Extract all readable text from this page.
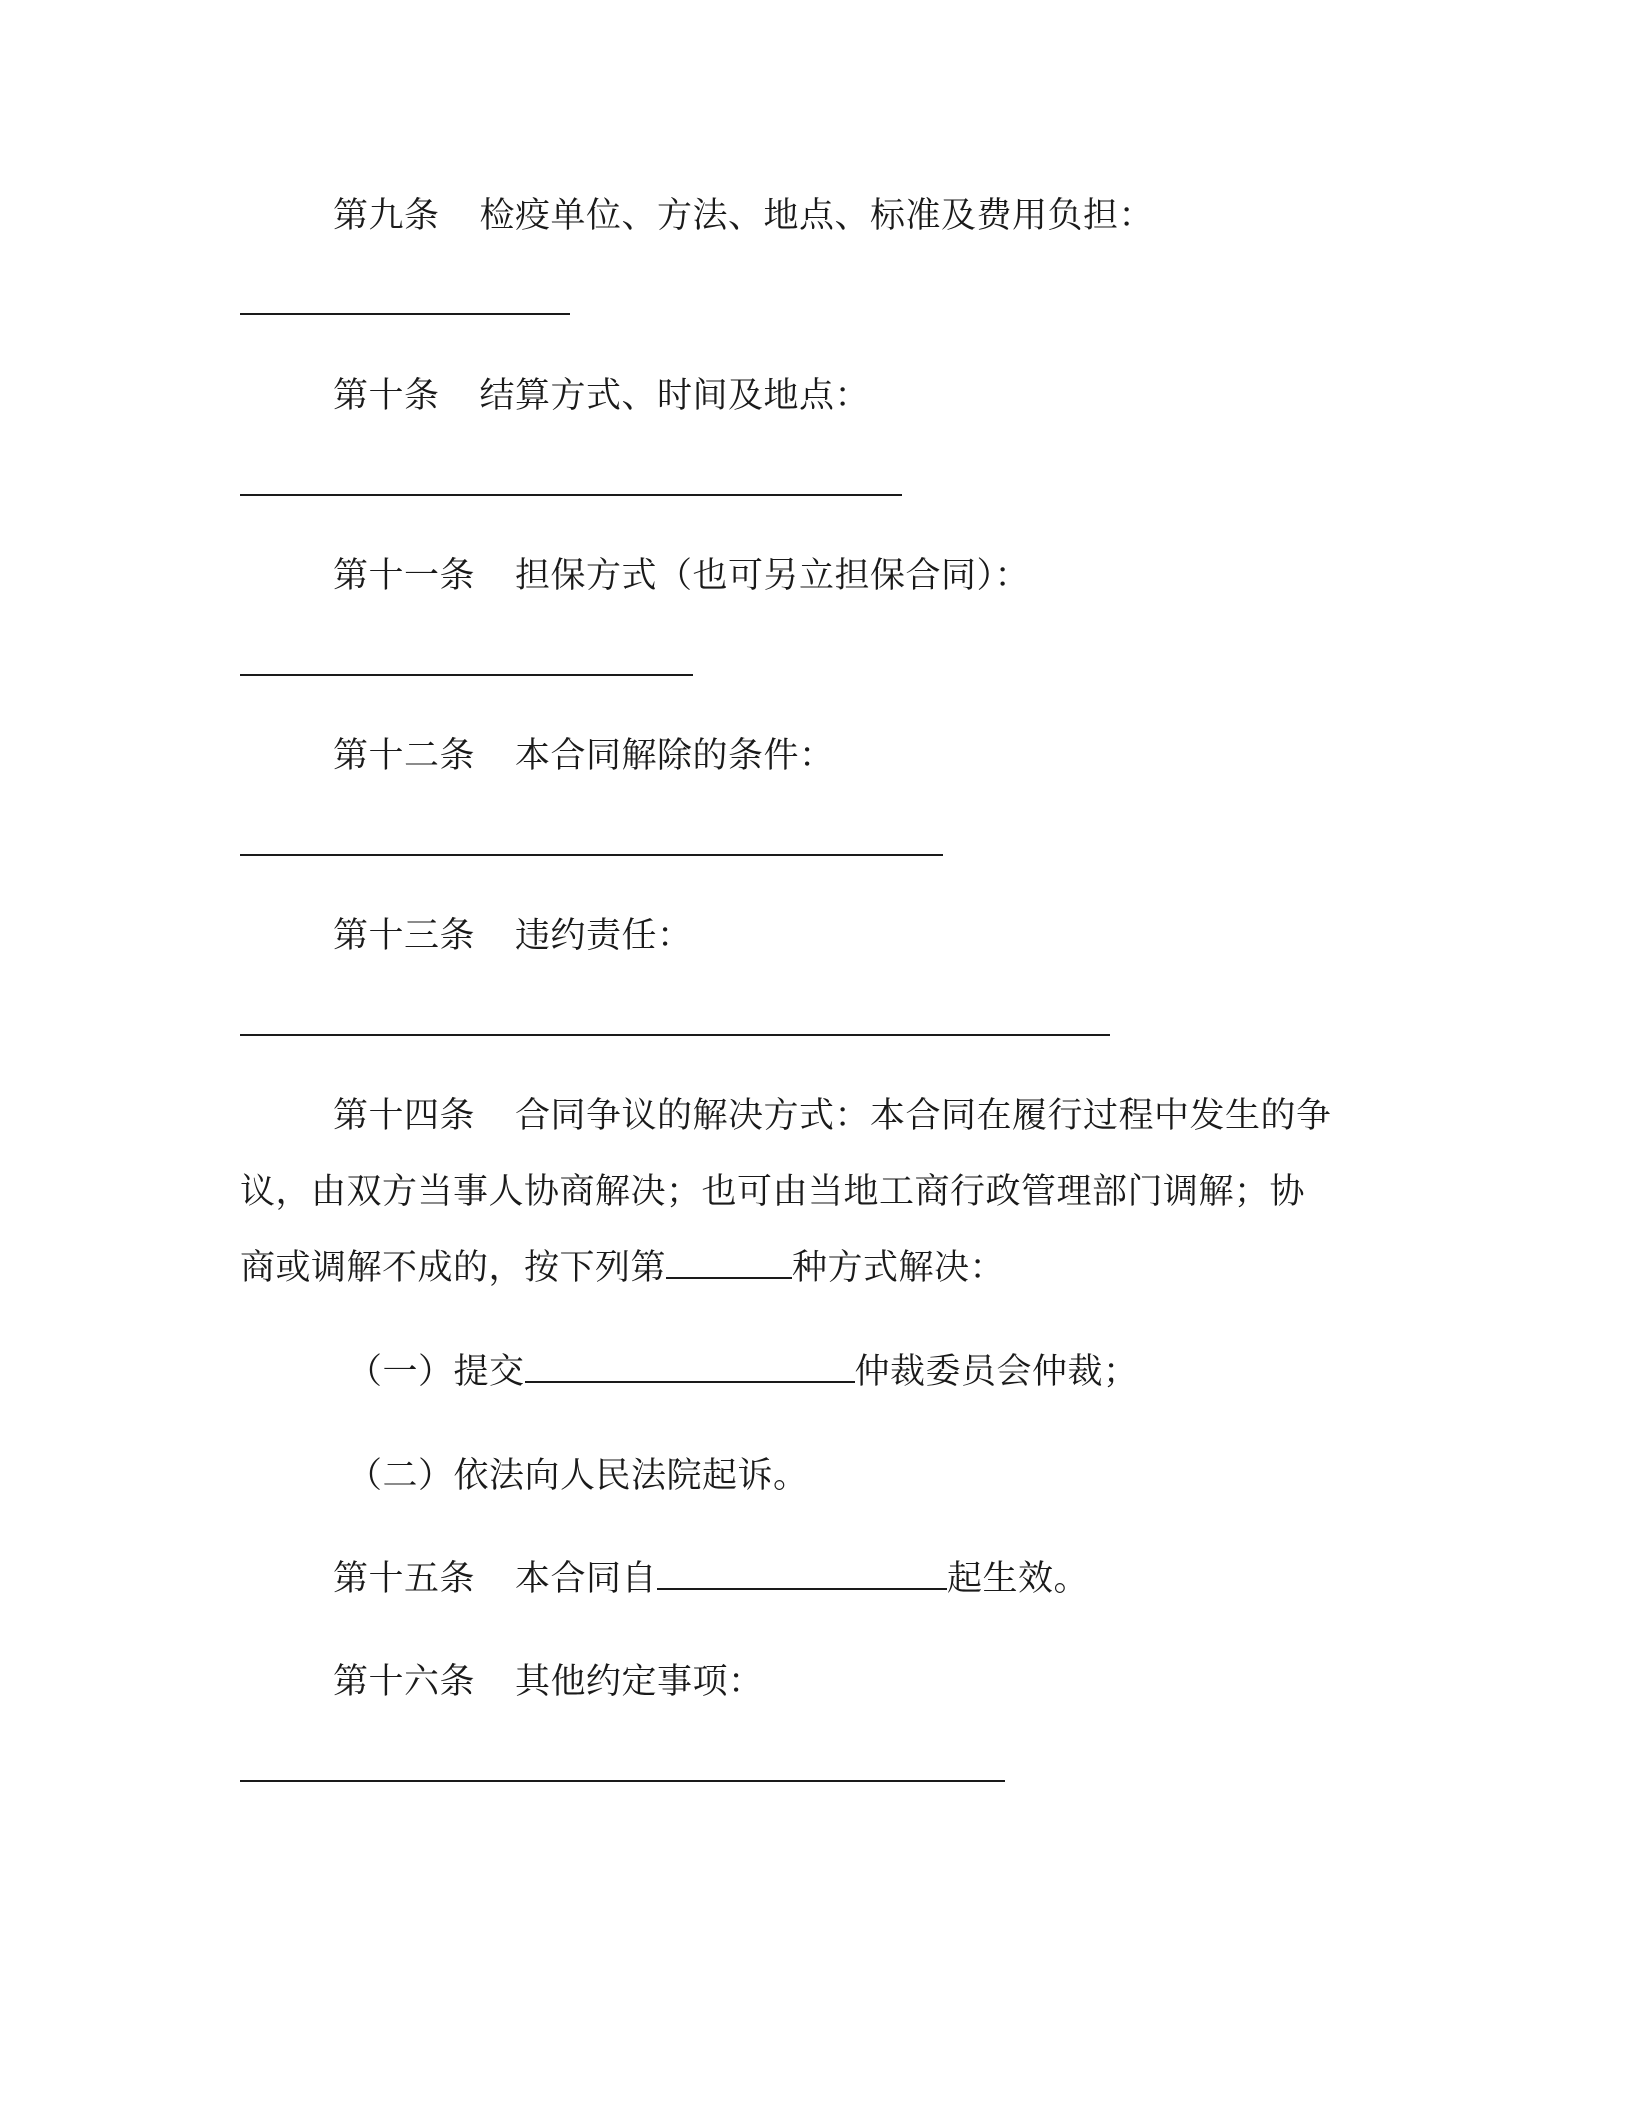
第九条 检疫单位、方法、地点、标准及费用负担：
第十条 结算方式、时间及地点：
第十一条 担保方式（也可另立担保合同）：
第十二条 本合同解除的条件：
第十三条 违约责任：
第十四条 合同争议的解决方式：本合同在履行过程中发生的争
议，由双方当事人协商解决；也可由当地工商行政管理部门调解；协
商或调解不成的，按下列第	种方式解决：
（一）提交	仲裁委员会仲裁；
（二）依法向人民法院起诉。
第十五条 本合同自	起生效。
第十六条 其他约定事项：
